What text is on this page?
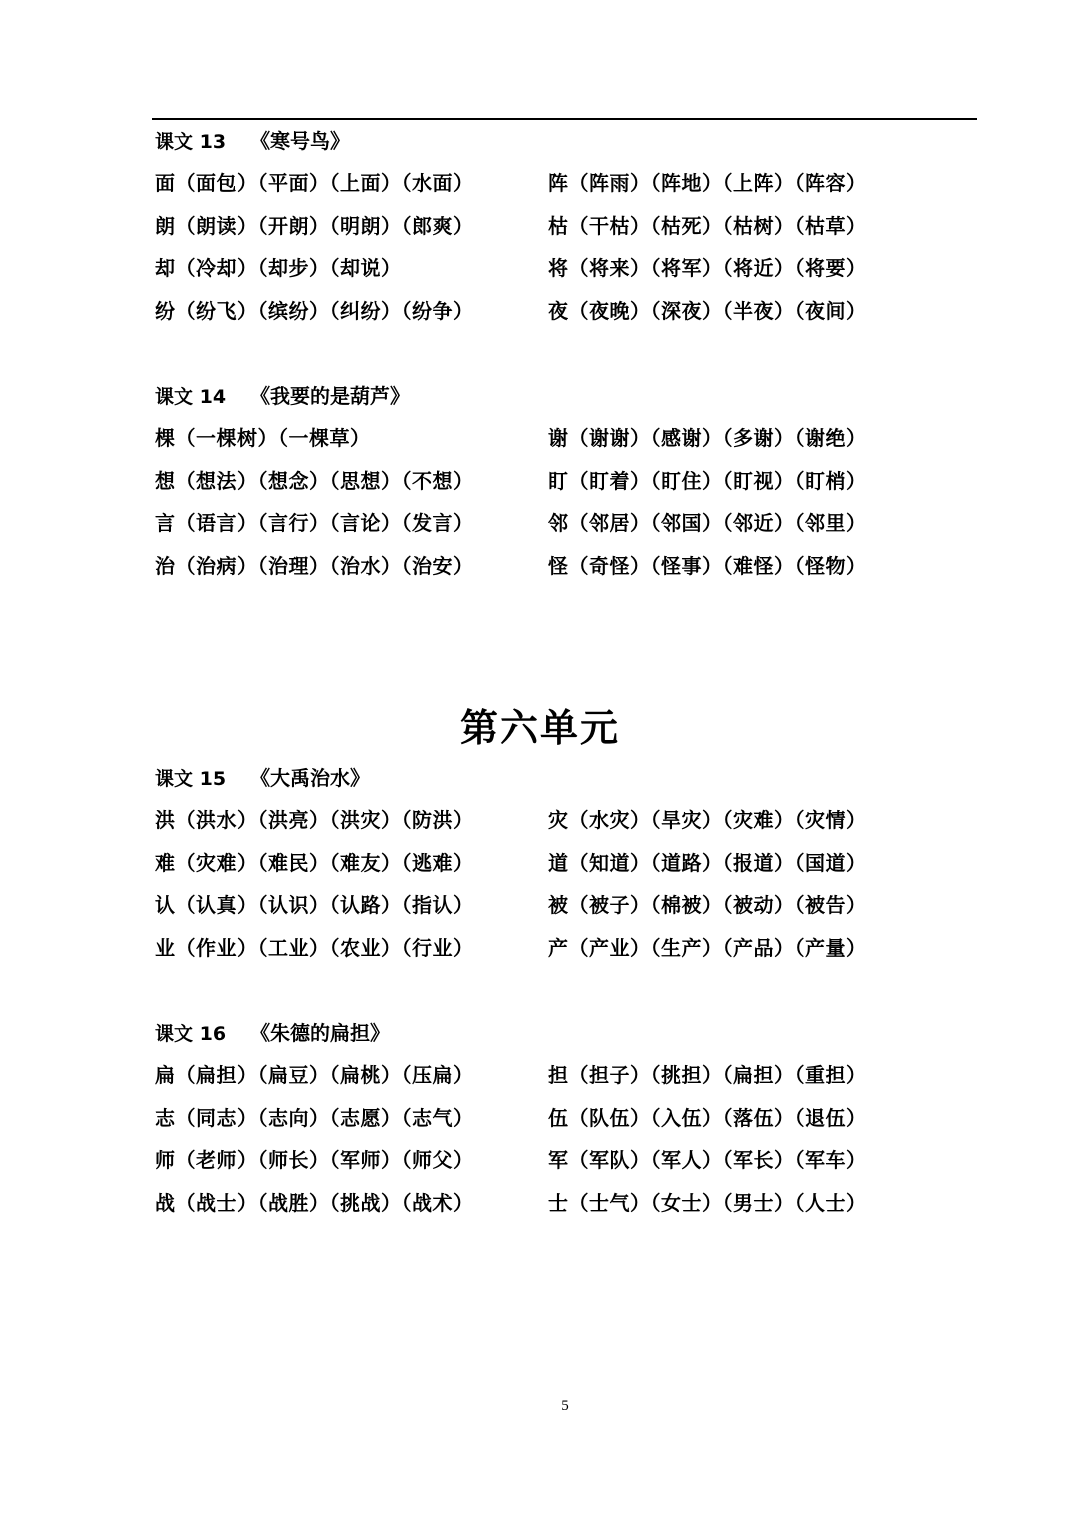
课文 13 《寒号鸟》
面（面包）（平面）（上面）（水面）	阵（阵雨）（阵地）（上阵）（阵容）
朗（朗读）（开朗）（明朗）（郎爽）	枯（干枯）（枯死）（枯树）（枯草）
却（冷却）（却步）（却说）	将（将来）（将军）（将近）（将要）
纷（纷飞）（缤纷）（纠纷）（纷争）	夜（夜晚）（深夜）（半夜）（夜间）
课文 14 《我要的是葫芦》
棵（一棵树）（一棵草）	谢（谢谢）（感谢）（多谢）（谢绝）
想（想法）（想念）（思想）（不想）	盯（盯着）（盯住）（盯视）（盯梢）
言（语言）（言行）（言论）（发言）	邻（邻居）（邻国）（邻近）（邻里）
治（治病）（治理）（治水）（治安）	怪（奇怪）（怪事）（难怪）（怪物）
第六单元
课文 15 《大禹治水》
洪（洪水）（洪亮）（洪灾）（防洪）	灾（水灾）（旱灾）（灾难）（灾情）
难（灾难）（难民）（难友）（逃难）	道（知道）（道路）（报道）（国道）
认（认真）（认识）（认路）（指认）	被（被子）（棉被）（被动）（被告）
业（作业）（工业）（农业）（行业）	产（产业）（生产）（产品）（产量）
课文 16 《朱德的扁担》
扁（扁担）（扁豆）（扁桃）（压扁）	担（担子）（挑担）（扁担）（重担）
志（同志）（志向）（志愿）（志气）	伍（队伍）（入伍）（落伍）（退伍）
师（老师）（师长）（军师）（师父）	军（军队）（军人）（军长）（军车）
战（战士）（战胜）（挑战）（战术）	士（士气）（女士）（男士）（人士）
5
